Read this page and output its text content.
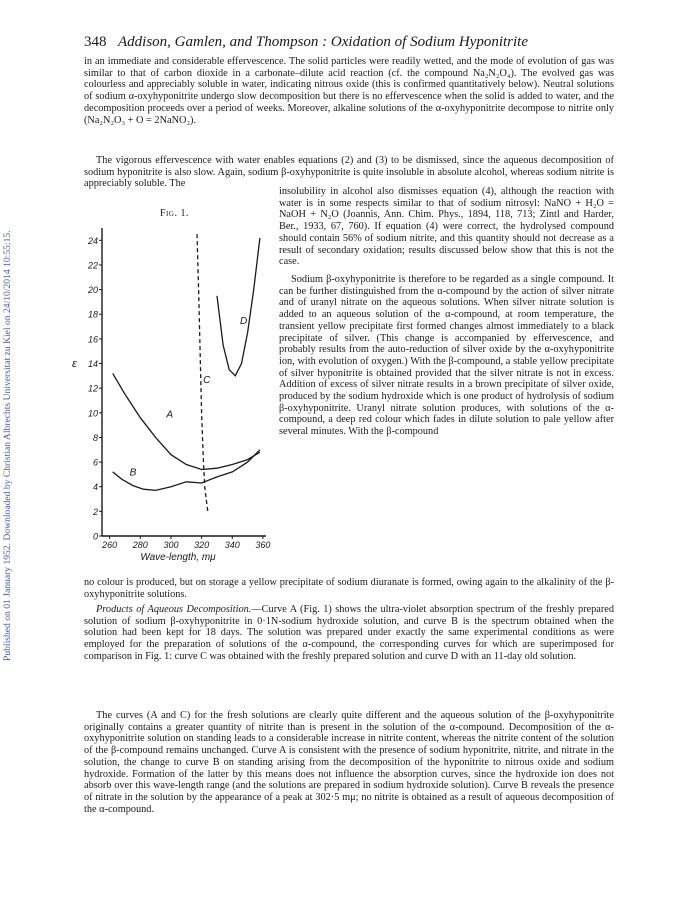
Published on 01 January 1952. Downloaded by Christian Albrechts Universitat zu Kiel on 24/10/2014 10:55:15.
348 Addison, Gamlen, and Thompson : Oxidation of Sodium Hyponitrite

in an immediate and considerable effervescence. The solid particles were readily wetted, and the mode of evolution of gas was similar to that of carbon dioxide in a carbonate–dilute acid reaction (cf. the compound Na₂N₂O₄). The evolved gas was colourless and appreciably soluble in water, indicating nitrous oxide (this is confirmed quantitatively below). Neutral solutions of sodium α-oxyhyponitrite undergo slow decomposition but there is no effervescence when the solid is added to water, and the decomposition proceeds over a period of weeks. Moreover, alkaline solutions of the α-oxyhyponitrite decompose to nitrite only (Na₂N₂O₃ + O = 2NaNO₂).

The vigorous effervescence with water enables equations (2) and (3) to be dismissed, since the aqueous decomposition of sodium hyponitrite is also slow. Again, sodium β-oxyhyponitrite is quite insoluble in absolute alcohol, whereas sodium nitrite is appreciably soluble. The

insolubility in alcohol also dismisses equation (4), although the reaction with water is in some respects similar to that of sodium nitrosyl: NaNO + H₂O = NaOH + N₂O (Joannis, Ann. Chim. Phys., 1894, 118, 713; Zintl and Harder, Ber., 1933, 67, 760). If equation (4) were correct, the hydrolysed compound should contain 56% of sodium nitrite, and this quantity should not decrease as a result of secondary oxidation; results discussed below show that this is not the case.

Sodium β-oxyhyponitrite is therefore to be regarded as a single compound. It can be further distinguished from the α-compound by the action of silver nitrate and of uranyl nitrate on the aqueous solutions. When silver nitrate solution is added to an aqueous solution of the α-compound, at room temperature, the transient yellow precipitate first formed changes almost immediately to a black precipitate of silver. (This change is accompanied by effervescence, and probably results from the auto-reduction of silver oxide by the α-oxyhyponitrite ion, with evolution of oxygen.) With the β-compound, a stable yellow precipitate of silver hyponitrite is obtained provided that the silver nitrate is not in excess. Addition of excess of silver nitrate results in a brown precipitate of silver oxide, produced by the sodium hydroxide which is one product of hydrolysis of sodium β-oxyhyponitrite. Uranyl nitrate solution produces, with solutions of the α-compound, a deep red colour which fades in dilute solution to pale yellow after several minutes. With the β-compound

no colour is produced, but on storage a yellow precipitate of sodium diuranate is formed, owing again to the alkalinity of the β-oxyhyponitrite solutions.

Products of Aqueous Decomposition.—Curve A (Fig. 1) shows the ultra-violet absorption spectrum of the freshly prepared solution of sodium β-oxyhyponitrite in 0·1N-sodium hydroxide solution, and curve B is the spectrum obtained when the solution had been kept for 18 days. The solution was prepared under exactly the same experimental conditions as were employed for the preparation of solutions of the α-compound, the corresponding curves for which are superimposed for comparison in Fig. 1: curve C was obtained with the freshly prepared solution and curve D with an 11-day old solution.

The curves (A and C) for the fresh solutions are clearly quite different and the aqueous solution of the β-oxyhyponitrite originally contains a greater quantity of nitrite than is present in the solution of the α-compound. Decomposition of the α-oxyhyponitrite solution on standing leads to a considerable increase in nitrite content, whereas the nitrite content of the solution of the β-compound remains unchanged. Curve A is consistent with the presence of sodium hyponitrite, nitrite, and nitrate in the solution, the change to curve B on standing arising from the decomposition of the hyponitrite to nitrous oxide and sodium hydroxide. Formation of the latter by this means does not influence the absorption curves, since the hydroxide ion does not absorb over this wave-length range (and the solutions are prepared in sodium hydroxide solution). Curve B reveals the presence of nitrate in the solution by the appearance of a peak at 302·5 mμ; no nitrite is obtained as a result of aqueous decomposition of the α-compound.

Fig. 1.
0
2
4
6
8
10
12
14
16
18
20
22
24
260 280 300 320 340 360
Wave-length, mμ
ε
A
B
C
D
